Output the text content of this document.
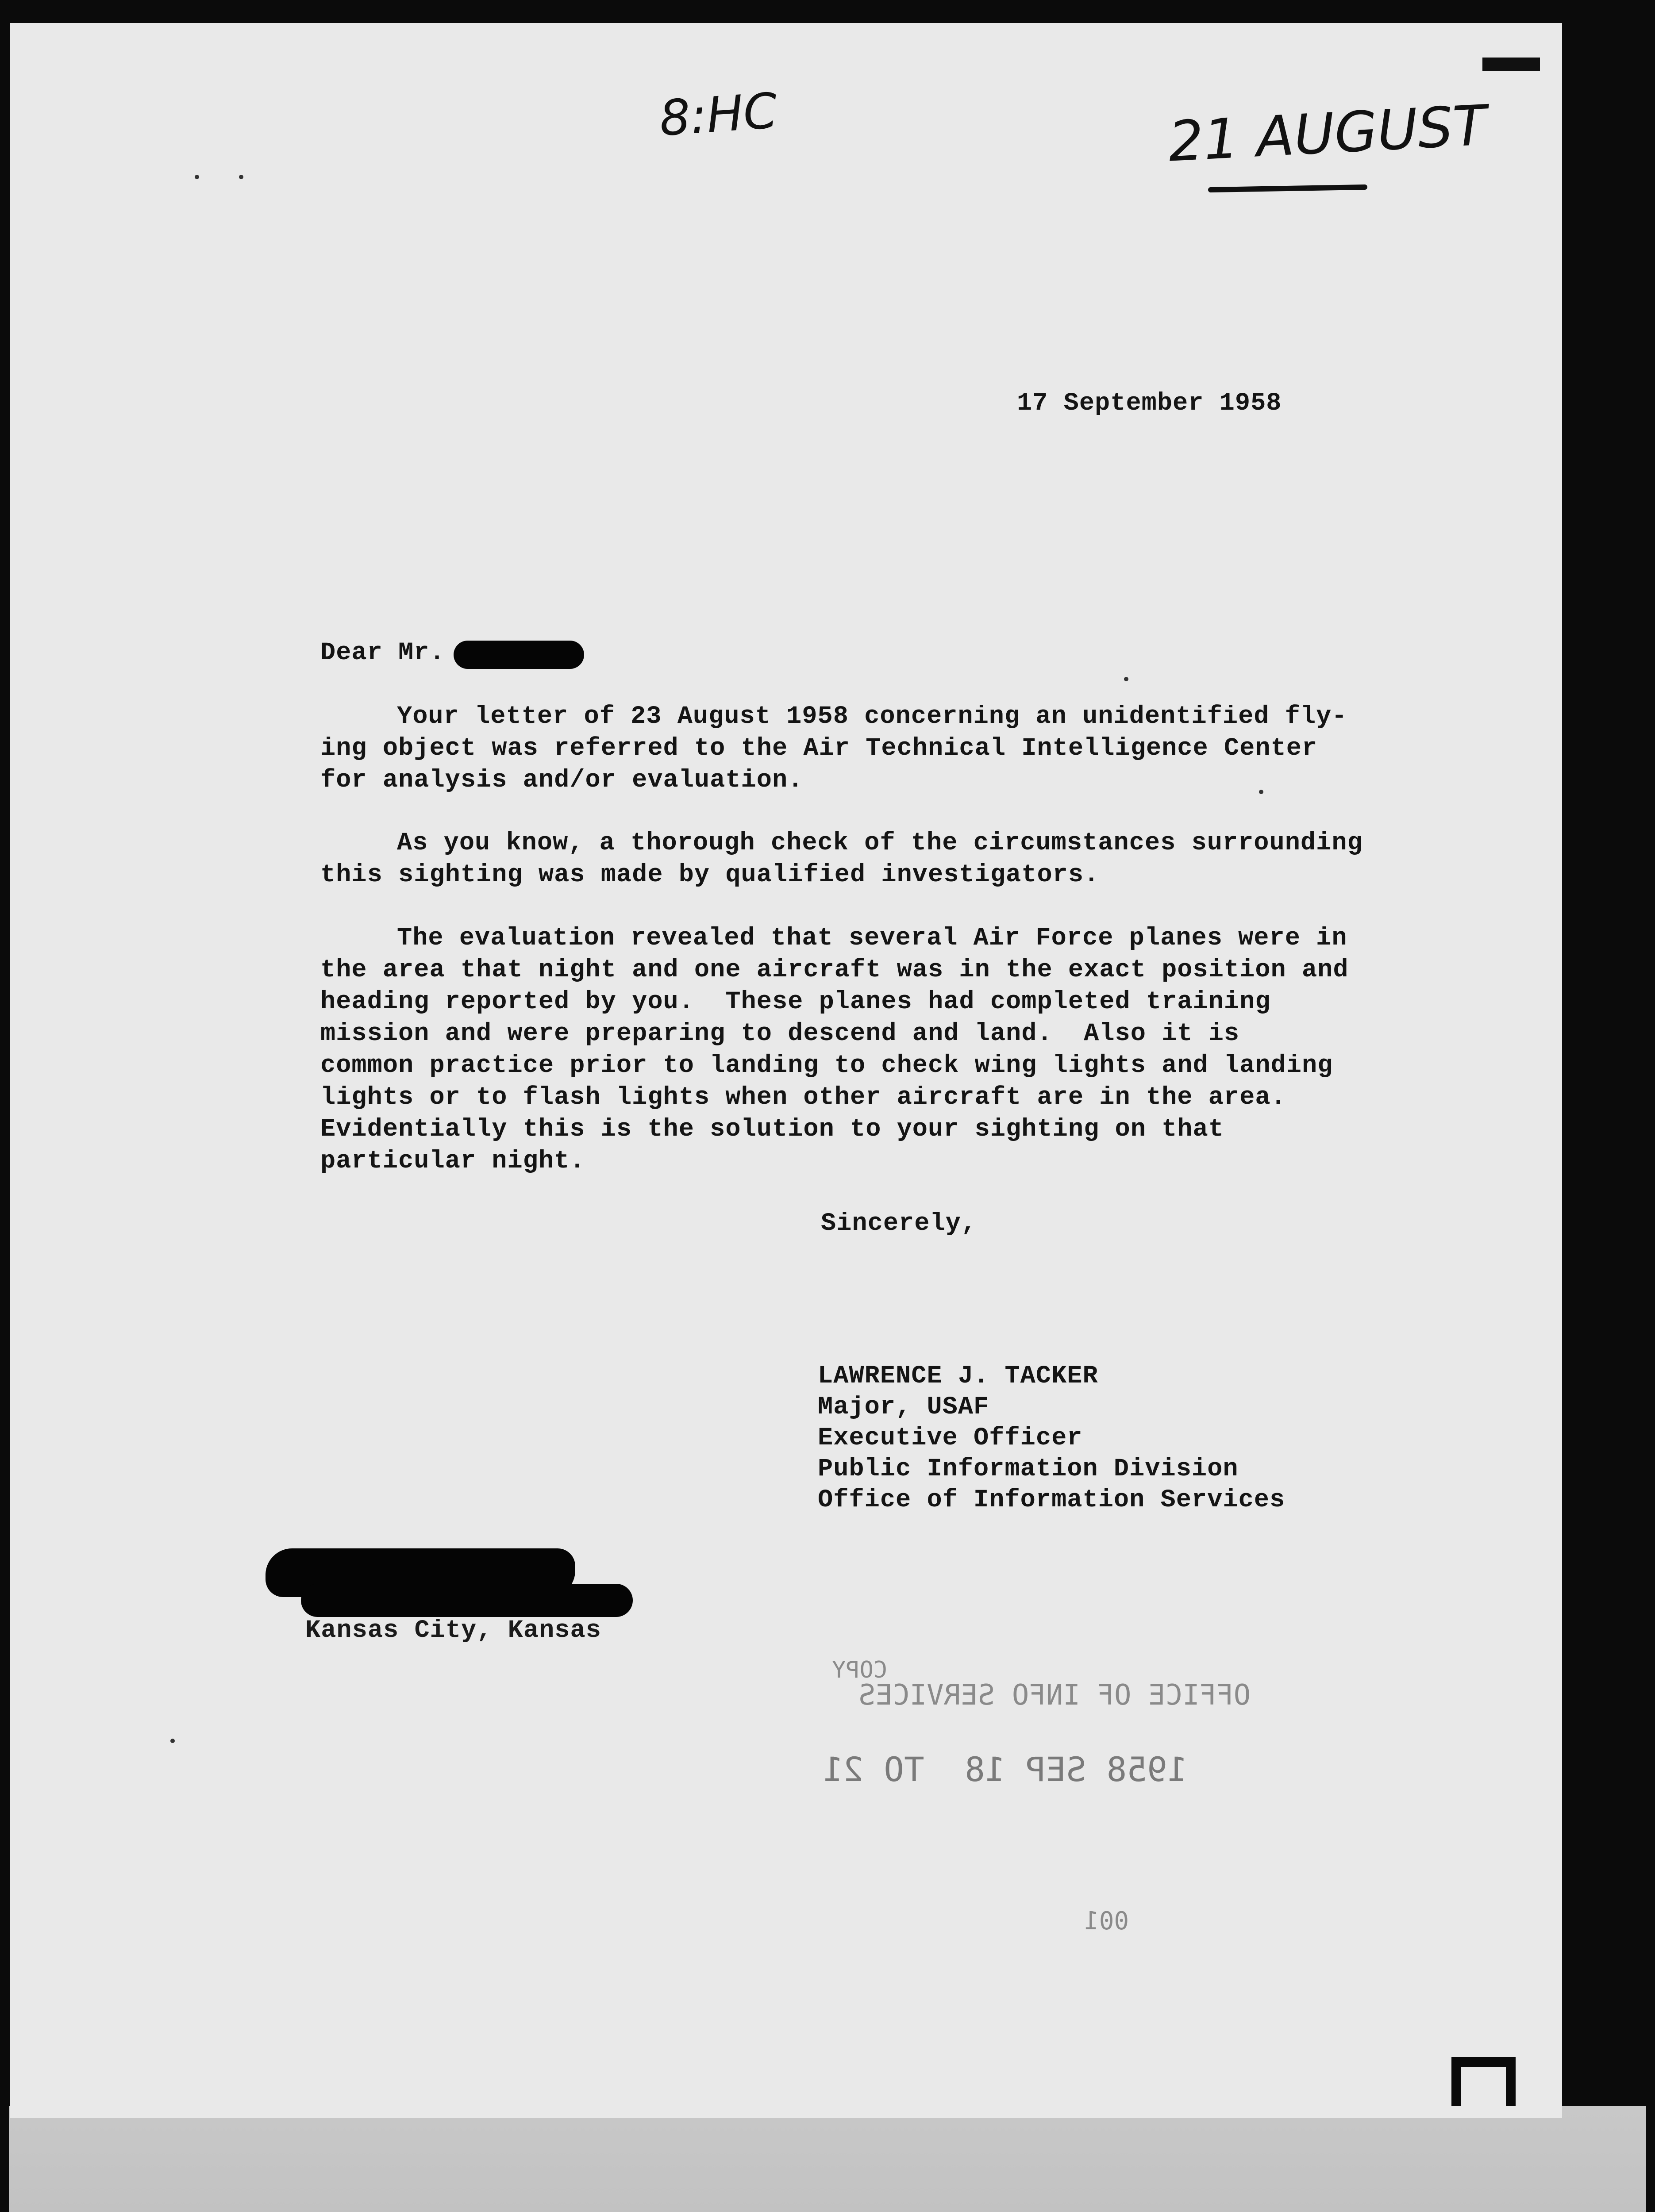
8:HC	21 AUGUST
17 September 1958
Dear Mr.
Your letter of 23 August 1958 concerning an unidentified fly-
ing object was referred to the Air Technical Intelligence Center
for analysis and/or evaluation.
As you know, a thorough check of the circumstances surrounding
this sighting was made by qualified investigators.
The evaluation revealed that several Air Force planes were in
the area that night and one aircraft was in the exact position and
heading reported by you.  These planes had completed training
mission and were preparing to descend and land.  Also it is
common practice prior to landing to check wing lights and landing
lights or to flash lights when other aircraft are in the area.
Evidentially this is the solution to your sighting on that
particular night.
Sincerely,
LAWRENCE J. TACKER
Major, USAF
Executive Officer
Public Information Division
Office of Information Services
Kansas City, Kansas
COPY
OFFICE OF INFO SERVICES
1958 SEP 18  TO 21
001
